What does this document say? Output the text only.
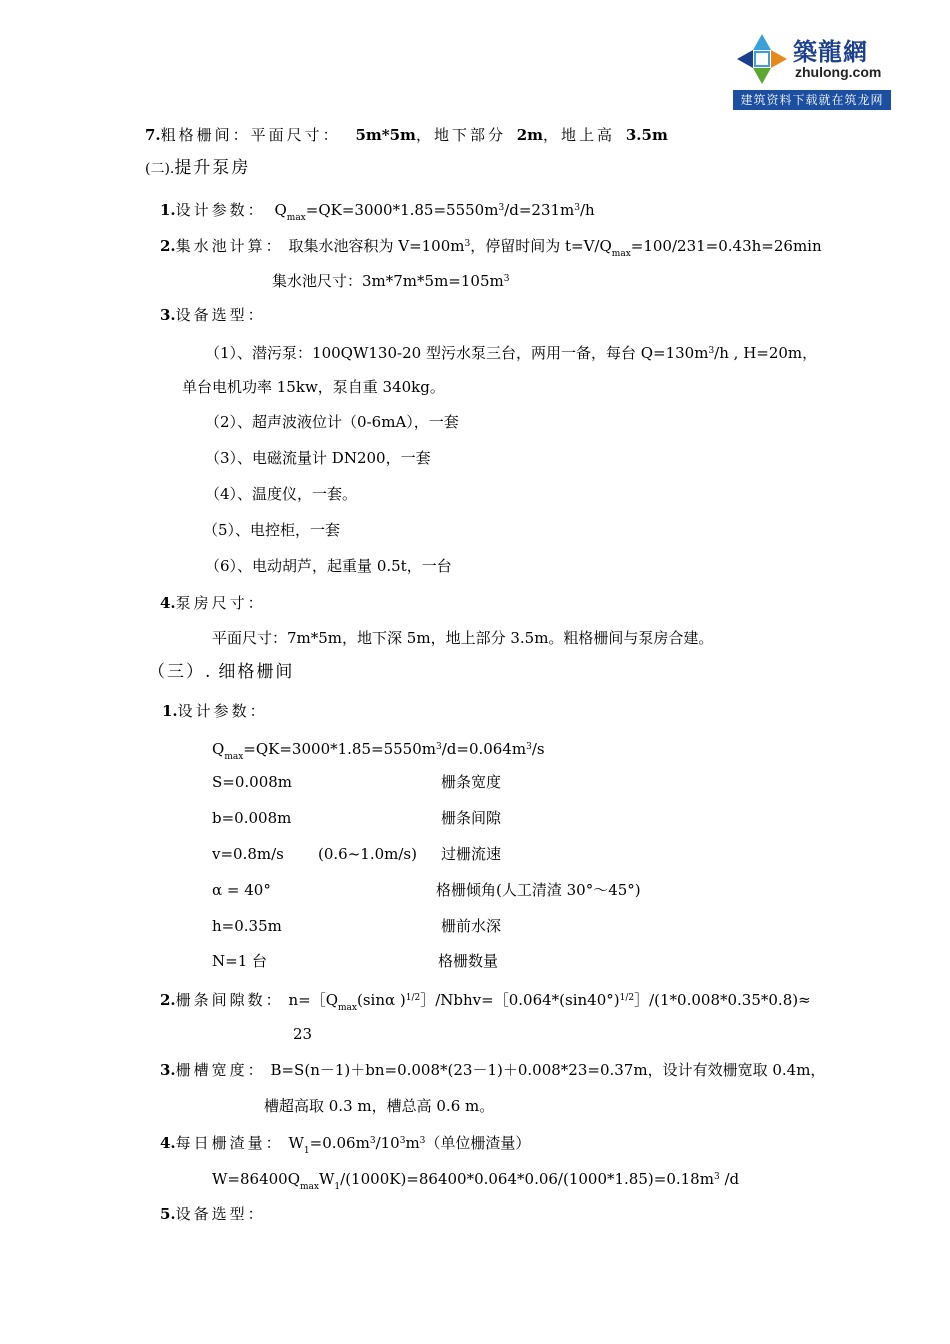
築龍網
zhulong.com
建筑资料下载就在筑龙网
7.粗格栅间：平面尺寸： 5m*5m，地下部分 2m，地上高 3.5m
(二).提升泵房
1.设计参数： $Q_{max}=QK=3000*1.85=5550m^3/d=231m^3/h$
2.集水池计算： 取集水池容积为 $V=100m^3$，停留时间为 $t=V/Q_{max}=100/231=0.43h=26\min$
集水池尺寸：$3m*7m*5m=105m^3$
3.设备选型：
（1）、潜污泵：100QW130-20 型污水泵三台，两用一备，每台 $Q=130m^3/h$ , H=20m，
单台电机功率 15kw，泵自重 340kg。
（2）、超声波液位计（0-6mA），一套
（3）、电磁流量计 DN200，一套
（4）、温度仪，一套。
（5）、电控柜，一套
（6）、电动胡芦，起重量 0.5t，一台
4.泵房尺寸：
平面尺寸：7m*5m，地下深 5m，地上部分 3.5m。粗格栅间与泵房合建。
（三）. 细格栅间
1.设计参数：
$Q_{max}=QK=3000*1.85=5550m^3/d=0.064m^3/s$
S=0.008m	栅条宽度
b=0.008m	栅条间隙
v=0.8m/s (0.6~1.0m/s) 过栅流速
α = 40°	格栅倾角(人工清渣 30°～45°)
h=0.35m	栅前水深
N=1 台	格栅数量
2.栅条间隙数： $n=[Q_{max}(\sin\alpha$ )$^{1/2}]/Nbhv=[0.064*(\sin 40^\circ)^{1/2}]/(1*0.008*0.35*0.8)\approx$
23
3.栅槽宽度： B=S(n－1)＋bn=0.008*(23－1)＋0.008*23=0.37m，设计有效栅宽取 0.4m，
槽超高取 0.3 m，槽总高 0.6 m。
4.每日栅渣量： $W_1=0.06m^3/10^3m^3$（单位栅渣量）
$W=86400Q_{max}W_1/(1000K)=86400*0.064*0.06/(1000*1.85)=0.18m^3$ /d
5.设备选型：
